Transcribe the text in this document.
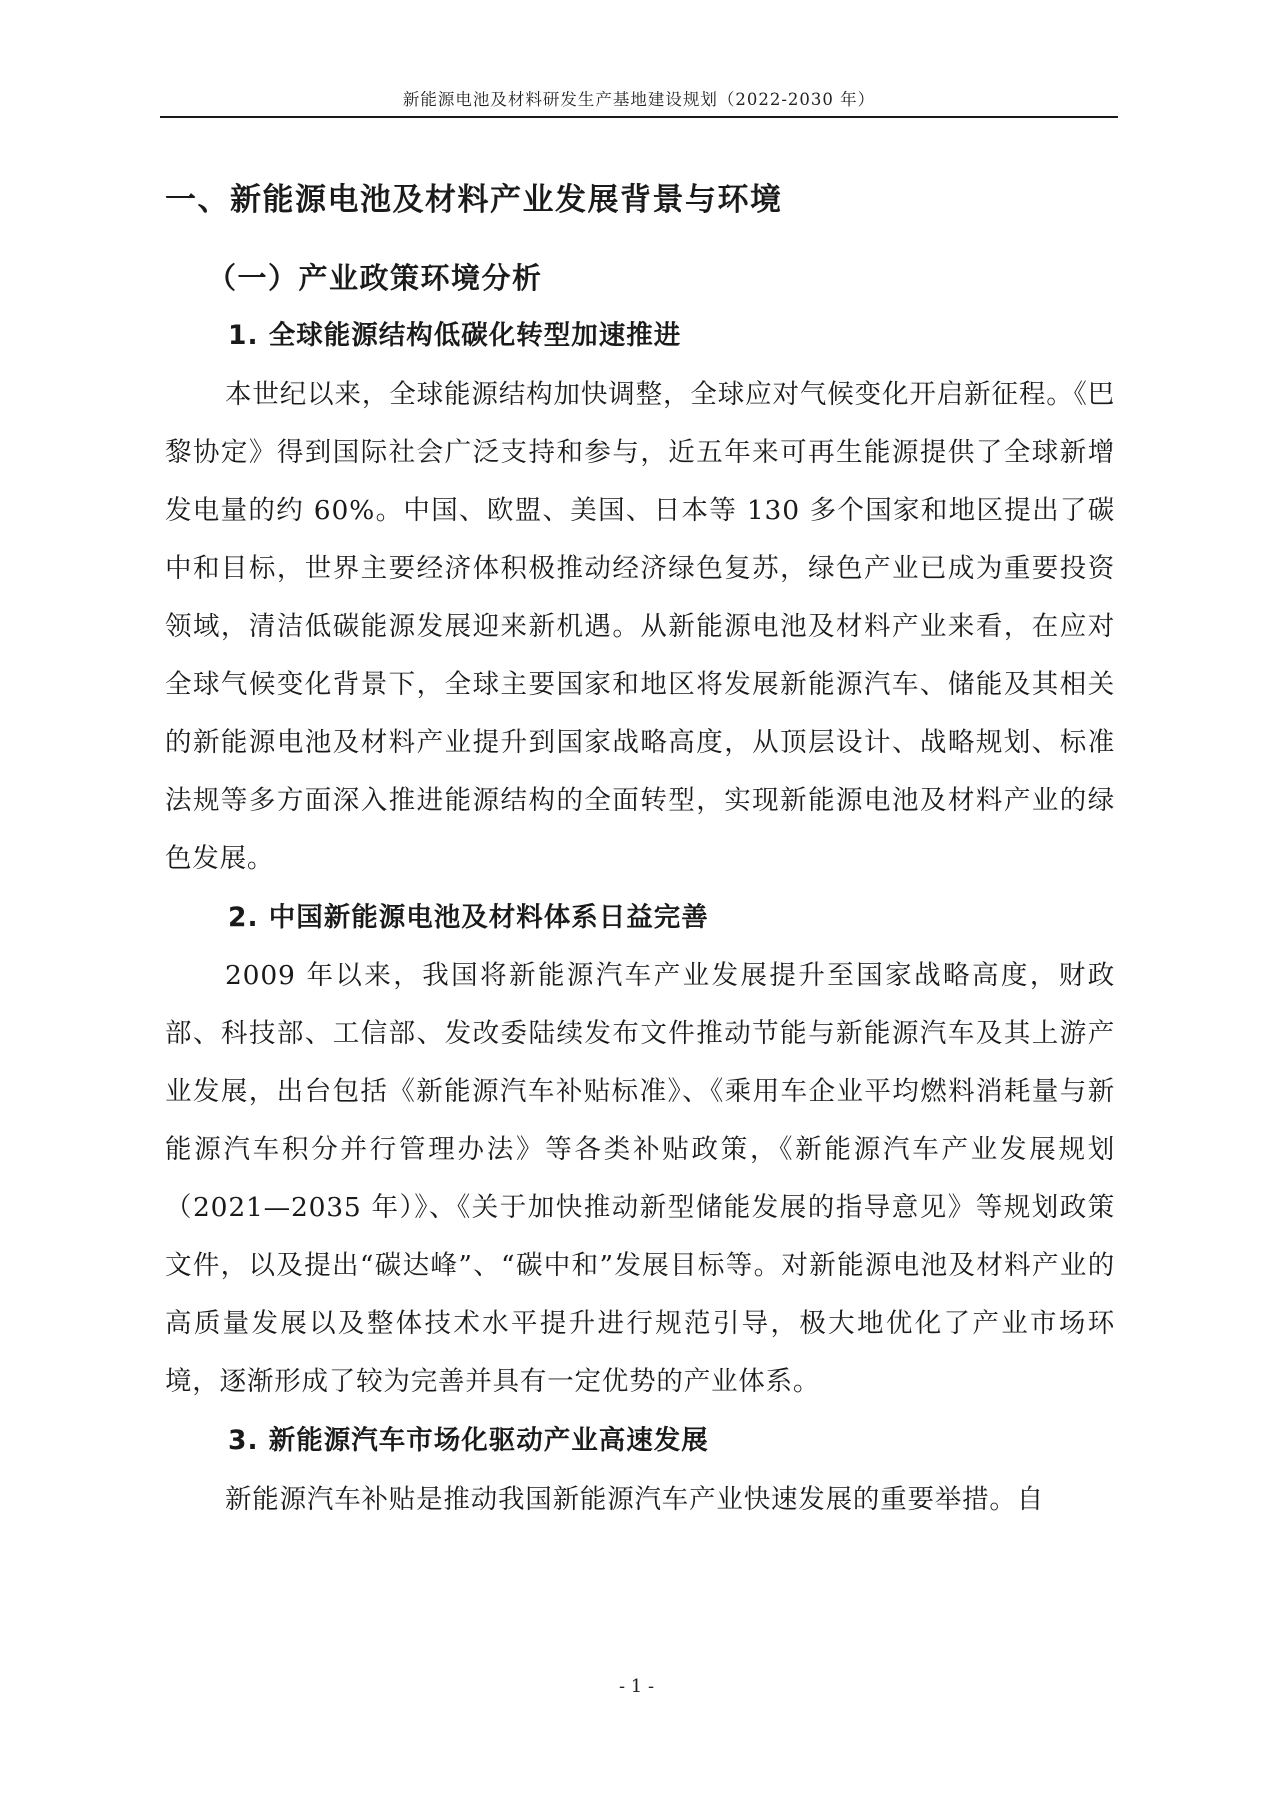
新能源电池及材料研发生产基地建设规划（2022-2030 年）
一、新能源电池及材料产业发展背景与环境
（一）产业政策环境分析
1. 全球能源结构低碳化转型加速推进
本世纪以来，全球能源结构加快调整，全球应对气候变化开启新征程。《巴黎协定》得到国际社会广泛支持和参与，近五年来可再生能源提供了全球新增发电量的约 60%。中国、欧盟、美国、日本等 130 多个国家和地区提出了碳中和目标，世界主要经济体积极推动经济绿色复苏，绿色产业已成为重要投资领域，清洁低碳能源发展迎来新机遇。从新能源电池及材料产业来看，在应对全球气候变化背景下，全球主要国家和地区将发展新能源汽车、储能及其相关的新能源电池及材料产业提升到国家战略高度，从顶层设计、战略规划、标准法规等多方面深入推进能源结构的全面转型，实现新能源电池及材料产业的绿色发展。
2. 中国新能源电池及材料体系日益完善
2009 年以来，我国将新能源汽车产业发展提升至国家战略高度，财政部、科技部、工信部、发改委陆续发布文件推动节能与新能源汽车及其上游产业发展，出台包括《新能源汽车补贴标准》、《乘用车企业平均燃料消耗量与新能源汽车积分并行管理办法》等各类补贴政策，《新能源汽车产业发展规划（2021—2035 年）》、《关于加快推动新型储能发展的指导意见》等规划政策文件，以及提出“碳达峰”、“碳中和”发展目标等。对新能源电池及材料产业的高质量发展以及整体技术水平提升进行规范引导，极大地优化了产业市场环境，逐渐形成了较为完善并具有一定优势的产业体系。
3. 新能源汽车市场化驱动产业高速发展
新能源汽车补贴是推动我国新能源汽车产业快速发展的重要举措。自
- 1 -
